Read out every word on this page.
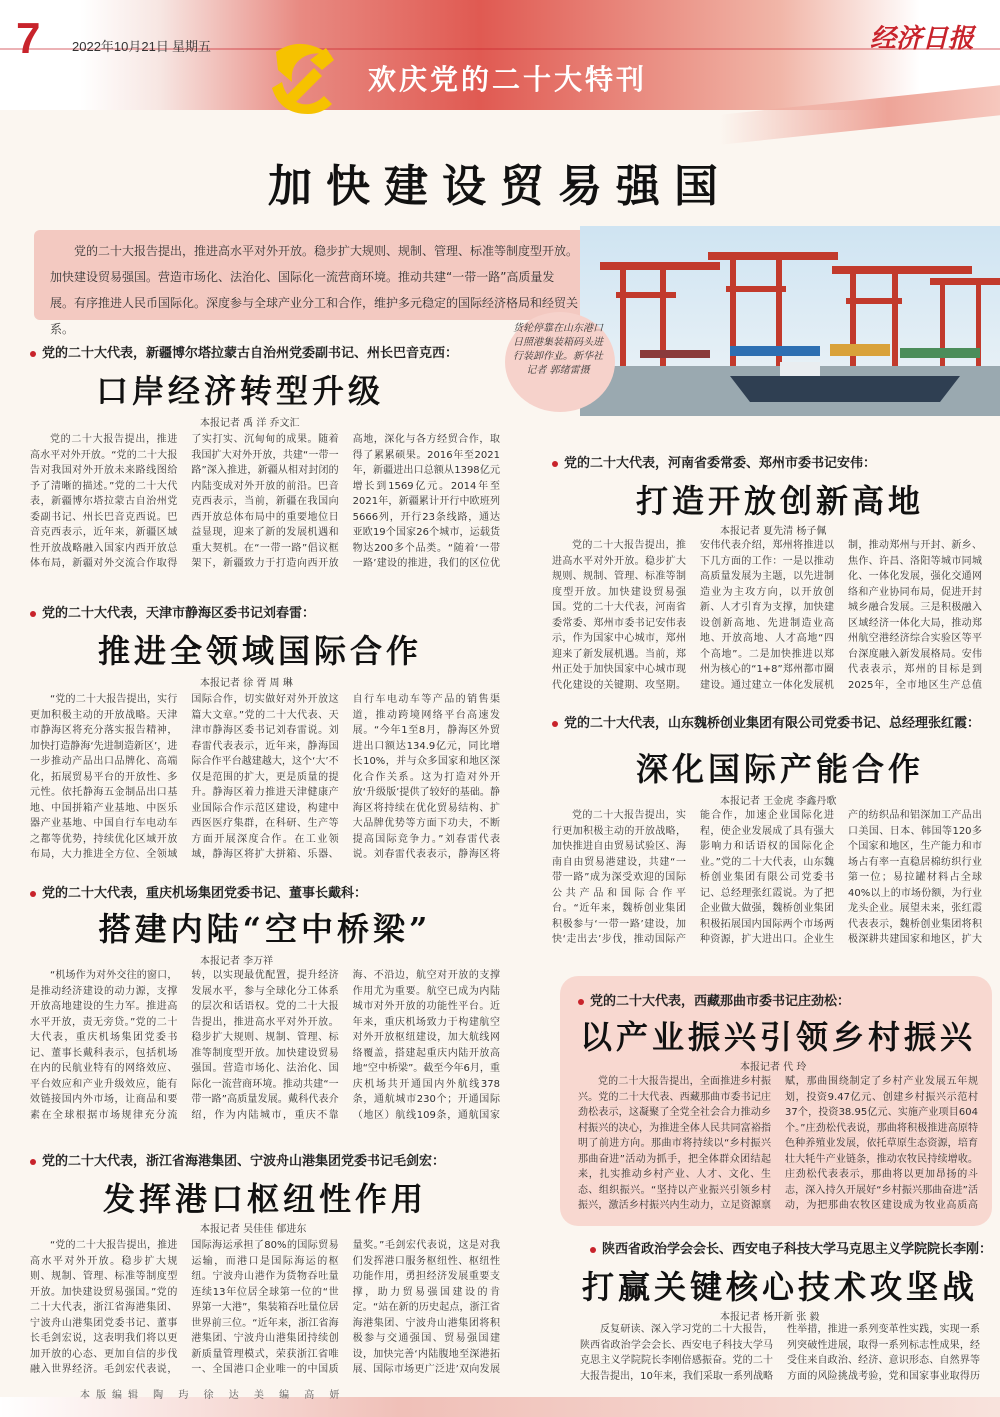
7 2022年10月21日 星期五
欢庆党的二十大特刊
经济日报
加快建设贸易强国
党的二十大报告提出，推进高水平对外开放。稳步扩大规则、规制、管理、标准等制度型开放。加快建设贸易强国。营造市场化、法治化、国际化一流营商环境。推动共建“一带一路”高质量发展。有序推进人民币国际化。深度参与全球产业分工和合作，维护多元稳定的国际经济格局和经贸关系。	货轮停靠在山东港口日照港集装箱码头进行装卸作业。新华社记者 郭绪雷摄
党的二十大代表，新疆博尔塔拉蒙古自治州党委副书记、州长巴音克西：
口岸经济转型升级
本报记者 禹 洋 乔文汇
党的二十大报告提出，推进高水平对外开放。“党的二十大报告对我国对外开放未来路线图给予了清晰的描述。”党的二十大代表，新疆博尔塔拉蒙古自治州党委副书记、州长巴音克西说。巴音克西表示，近年来，新疆区域性开放战略融入国家内西开放总体布局，新疆对外交流合作取得了实打实、沉甸甸的成果。随着我国扩大对外开放，共建“一带一路”深入推进，新疆从相对封闭的内陆变成对外开放的前沿。巴音克西表示，当前，新疆在我国向西开放总体布局中的重要地位日益显现，迎来了新的发展机遇和重大契机。在“一带一路”倡议框架下，新疆致力于打造向西开放高地，深化与各方经贸合作，取得了累累硕果。2016年至2021年，新疆进出口总额从1398亿元增长到1569亿元。2014年至2021年，新疆累计开行中欧班列5666列，开行23条线路，通达亚欧19个国家26个城市，运载货物达200多个品类。“随着‘一带一路’建设的推进，我们的区位优
党的二十大代表，天津市静海区委书记刘春雷：
推进全领域国际合作
本报记者 徐 胥 周 琳
“党的二十大报告提出，实行更加积极主动的开放战略。天津市静海区将充分落实报告精神，加快打造静海‘先进制造新区’，进一步推动产品出口品牌化、高端化，拓展贸易平台的开放性、多元性。依托静海五金制品出口基地、中国拼箱产业基地、中医乐器产业基地、中国自行车电动车之都等优势，持续优化区域开放布局，大力推进全方位、全领域国际合作，切实做好对外开放这篇大文章。”党的二十大代表、天津市静海区委书记刘春雷说。刘春雷代表表示，近年来，静海国际合作平台越建越大，这个‘大’不仅是范围的扩大，更是质量的提升。静海区着力推进天津健康产业国际合作示范区建设，构建中西医医疗集群，在科研、生产等方面开展深度合作。在工业领域，静海区将扩大拼箱、乐器、自行车电动车等产品的销售渠道，推动跨境网络平台高速发展。“今年1至8月，静海区外贸进出口额达134.9亿元，同比增长10%，并与众多国家和地区深化合作关系。这为打造对外开放‘升级版’提供了较好的基础。静海区将持续在优化贸易结构、扩大品牌优势等方面下功夫，不断提高国际竞争力。”刘春雷代表说。刘春雷代表表示，静海区将
党的二十大代表，重庆机场集团党委书记、董事长戴科：
搭建内陆“空中桥梁”
本报记者 李万祥
“机场作为对外交往的窗口，是推动经济建设的动力源，支撑开放高地建设的生力军。推进高水平开放，责无旁贷。”党的二十大代表，重庆机场集团党委书记、董事长戴科表示，包括机场在内的民航业特有的网络效应、平台效应和产业升级效应，能有效链接国内外市场，让商品和要素在全球根据市场规律充分流转，以实现最优配置，提升经济发展水平，参与全球化分工体系的层次和话语权。党的二十大报告提出，推进高水平对外开放。稳步扩大规则、规制、管理、标准等制度型开放。加快建设贸易强国。营造市场化、法治化、国际化一流营商环境。推动共建“一带一路”高质量发展。戴科代表介绍，作为内陆城市，重庆不靠海、不沿边，航空对开放的支撑作用尤为重要。航空已成为内陆城市对外开放的功能性平台。近年来，重庆机场致力于构建航空对外开放枢纽建设，加大航线网络覆盖，搭建起重庆内陆开放高地“空中桥梁”。截至今年6月，重庆机场共开通国内外航线378条，通航城市230个；开通国际（地区）航线109条，通航国家
党的二十大代表，浙江省海港集团、宁波舟山港集团党委书记毛剑宏：
发挥港口枢纽性作用
本报记者 吴佳佳 郁进东
“党的二十大报告提出，推进高水平对外开放。稳步扩大规则、规制、管理、标准等制度型开放。加快建设贸易强国。”党的二十大代表，浙江省海港集团、宁波舟山港集团党委书记、董事长毛剑宏说，这表明我们将以更加开放的心态、更加自信的步伐融入世界经济。毛剑宏代表说，国际海运承担了80%的国际贸易运输，而港口是国际海运的枢纽。宁波舟山港作为货物吞吐量连续13年位居全球第一位的“世界第一大港”，集装箱吞吐量位居世界前三位。“近年来，浙江省海港集团、宁波舟山港集团持续创新质量管理模式，荣获浙江省唯一、全国港口企业唯一的中国质量奖。”毛剑宏代表说，这是对我们发挥港口服务枢纽性、枢纽性功能作用，勇担经济发展重要支撑，助力贸易强国建设的肯定。“站在新的历史起点，浙江省海港集团、宁波舟山港集团将积极参与交通强国、贸易强国建设，加快完善‘内陆腹地至深港拓展、国际市场更广泛进’双向发展
党的二十大代表，河南省委常委、郑州市委书记安伟：
打造开放创新高地
本报记者 夏先清 杨子佩
党的二十大报告提出，推进高水平对外开放。稳步扩大规则、规制、管理、标准等制度型开放。加快建设贸易强国。党的二十大代表，河南省委常委、郑州市委书记安伟表示，作为国家中心城市，郑州迎来了新发展机遇。当前，郑州正处于加快国家中心城市现代化建设的关键期、攻坚期。安伟代表介绍，郑州将推进以下几方面的工作：一是以推动高质量发展为主题，以先进制造业为主攻方向，以开放创新、人才引育为支撑，加快建设创新高地、先进制造业高地、开放高地、人才高地“四个高地”。二是加快推进以郑州为核心的“1+8”郑州都市圈建设。通过建立一体化发展机制，推动郑州与开封、新乡、焦作、许昌、洛阳等城市同城化、一体化发展，强化交通网络和产业协同布局，促进开封城乡融合发展。三是积极融入区域经济一体化大局，推动郑州航空港经济综合实验区等平台深度融入新发展格局。安伟代表表示，郑州的目标是到2025年，全市地区生产总值
党的二十大代表，山东魏桥创业集团有限公司党委书记、总经理张红霞：
深化国际产能合作
本报记者 王金虎 李鑫丹歌
党的二十大报告提出，实行更加积极主动的开放战略，加快推进自由贸易试验区、海南自由贸易港建设，共建“一带一路”成为深受欢迎的国际公共产品和国际合作平台。“近年来，魏桥创业集团积极参与‘一带一路’建设，加快‘走出去’步伐，推动国际产能合作，加速企业国际化进程，使企业发展成了具有强大影响力和话语权的国际化企业。”党的二十大代表，山东魏桥创业集团有限公司党委书记、总经理张红霞说。为了把企业做大做强，魏桥创业集团积极拓展国内国际两个市场两种资源，扩大进出口。企业生产的纺织品和铝深加工产品出口美国、日本、韩国等120多个国家和地区，生产能力和市场占有率一直稳居棉纺织行业第一位；易拉罐材料占全球40%以上的市场份额，为行业龙头企业。展望未来，张红霞代表表示，魏桥创业集团将积极深耕共建国家和地区，扩大
党的二十大代表，西藏那曲市委书记庄劲松：
以产业振兴引领乡村振兴
本报记者 代 玲
党的二十大报告提出，全面推进乡村振兴。党的二十大代表、西藏那曲市委书记庄劲松表示，这凝聚了全党全社会合力推动乡村振兴的决心，为推进全体人民共同富裕指明了前进方向。那曲市将持续以“乡村振兴那曲奋进”活动为抓手，把全体群众团结起来，扎实推动乡村产业、人才、文化、生态、组织振兴。“坚持以产业振兴引领乡村振兴，激活乡村振兴内生动力，立足资源禀赋，那曲围绕制定了乡村产业发展五年规划，投资9.47亿元、创建乡村振兴示范村37个，投资38.95亿元、实施产业项目604个。”庄劲松代表说，那曲将积极推进高原特色种养殖业发展，依托草原生态资源，培育壮大牦牛产业链条，推动农牧民持续增收。庄劲松代表表示，那曲将以更加昂扬的斗志，深入持久开展好“乡村振兴那曲奋进”活动，为把那曲农牧区建设成为牧业高质高
陕西省政治学会会长、西安电子科技大学马克思主义学院院长李刚：
打赢关键核心技术攻坚战
本报记者 杨开新 张 毅
反复研读、深入学习党的二十大报告，陕西省政治学会会长、西安电子科技大学马克思主义学院院长李刚倍感振奋。党的二十大报告提出，10年来，我们采取一系列战略性举措，推进一系列变革性实践，实现一系列突破性进展，取得一系列标志性成果，经受住来自政治、经济、意识形态、自然界等方面的风险挑战考验，党和国家事业取得历
本版编辑 陶 玙 徐 达 美 编 高 妍
